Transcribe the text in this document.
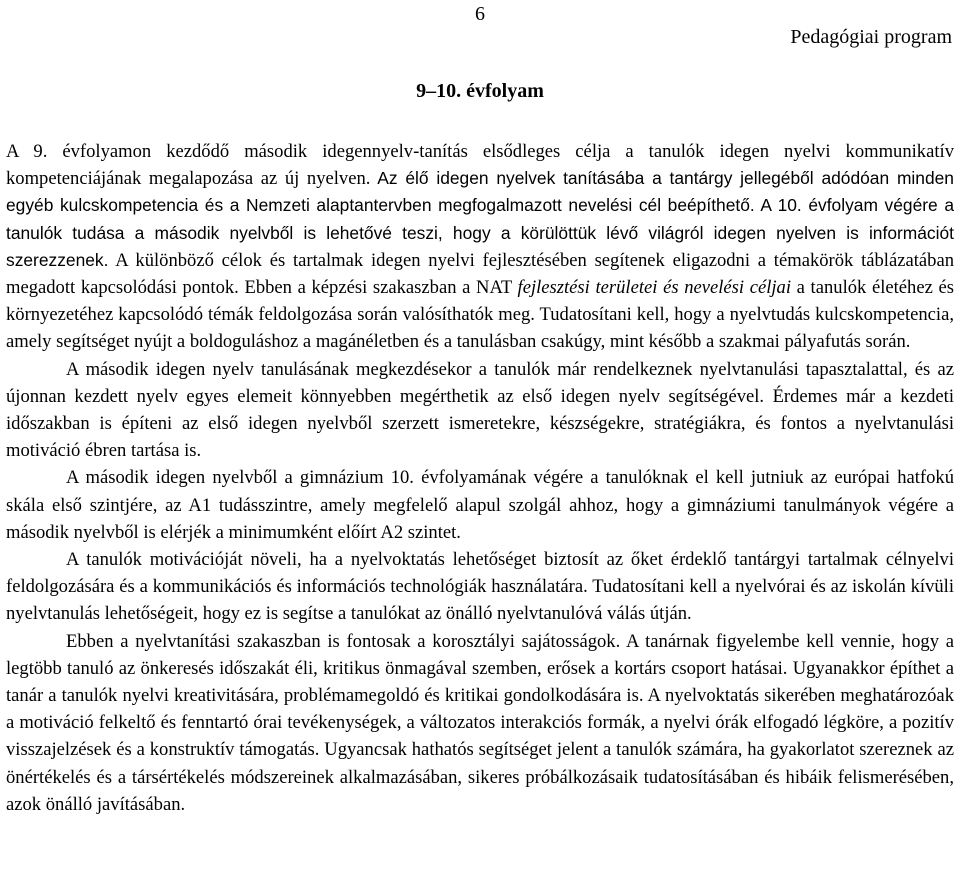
6
Pedagógiai program
9–10. évfolyam

A 9. évfolyamon kezdődő második idegennyelv-tanítás elsődleges célja a tanulók idegen nyelvi kommunikatív kompetenciájának megalapozása az új nyelven. Az élő idegen nyelvek tanításába a tantárgy jellegéből adódóan minden egyéb kulcskompetencia és a Nemzeti alaptantervben megfogalmazott nevelési cél beépíthető. A 10. évfolyam végére a tanulók tudása a második nyelvből is lehetővé teszi, hogy a körülöttük lévő világról idegen nyelven is információt szerezzenek. A különböző célok és tartalmak idegen nyelvi fejlesztésében segítenek eligazodni a témakörök táblázatában megadott kapcsolódási pontok. Ebben a képzési szakaszban a NAT fejlesztési területei és nevelési céljai a tanulók életéhez és környezetéhez kapcsolódó témák feldolgozása során valósíthatók meg. Tudatosítani kell, hogy a nyelvtudás kulcskompetencia, amely segítséget nyújt a boldoguláshoz a magánéletben és a tanulásban csakúgy, mint később a szakmai pályafutás során.

A második idegen nyelv tanulásának megkezdésekor a tanulók már rendelkeznek nyelvtanulási tapasztalattal, és az újonnan kezdett nyelv egyes elemeit könnyebben megérthetik az első idegen nyelv segítségével. Érdemes már a kezdeti időszakban is építeni az első idegen nyelvből szerzett ismeretekre, készségekre, stratégiákra, és fontos a nyelvtanulási motiváció ébren tartása is.

A második idegen nyelvből a gimnázium 10. évfolyamának végére a tanulóknak el kell jutniuk az európai hatfokú skála első szintjére, az A1 tudásszintre, amely megfelelő alapul szolgál ahhoz, hogy a gimnáziumi tanulmányok végére a második nyelvből is elérjék a minimumként előírt A2 szintet.

A tanulók motivációját növeli, ha a nyelvoktatás lehetőséget biztosít az őket érdeklő tantárgyi tartalmak célnyelvi feldolgozására és a kommunikációs és információs technológiák használatára. Tudatosítani kell a nyelvórai és az iskolán kívüli nyelvtanulás lehetőségeit, hogy ez is segítse a tanulókat az önálló nyelvtanulóvá válás útján.

Ebben a nyelvtanítási szakaszban is fontosak a korosztályi sajátosságok. A tanárnak figyelembe kell vennie, hogy a legtöbb tanuló az önkeresés időszakát éli, kritikus önmagával szemben, erősek a kortárs csoport hatásai. Ugyanakkor építhet a tanár a tanulók nyelvi kreativitására, problémamegoldó és kritikai gondolkodására is. A nyelvoktatás sikerében meghatározóak a motiváció felkeltő és fenntartó órai tevékenységek, a változatos interakciós formák, a nyelvi órák elfogadó légköre, a pozitív visszajelzések és a konstruktív támogatás. Ugyancsak hathatós segítséget jelent a tanulók számára, ha gyakorlatot szereznek az önértékelés és a társértékelés módszereinek alkalmazásában, sikeres próbálkozásaik tudatosításában és hibáik felismerésében, azok önálló javításában.
